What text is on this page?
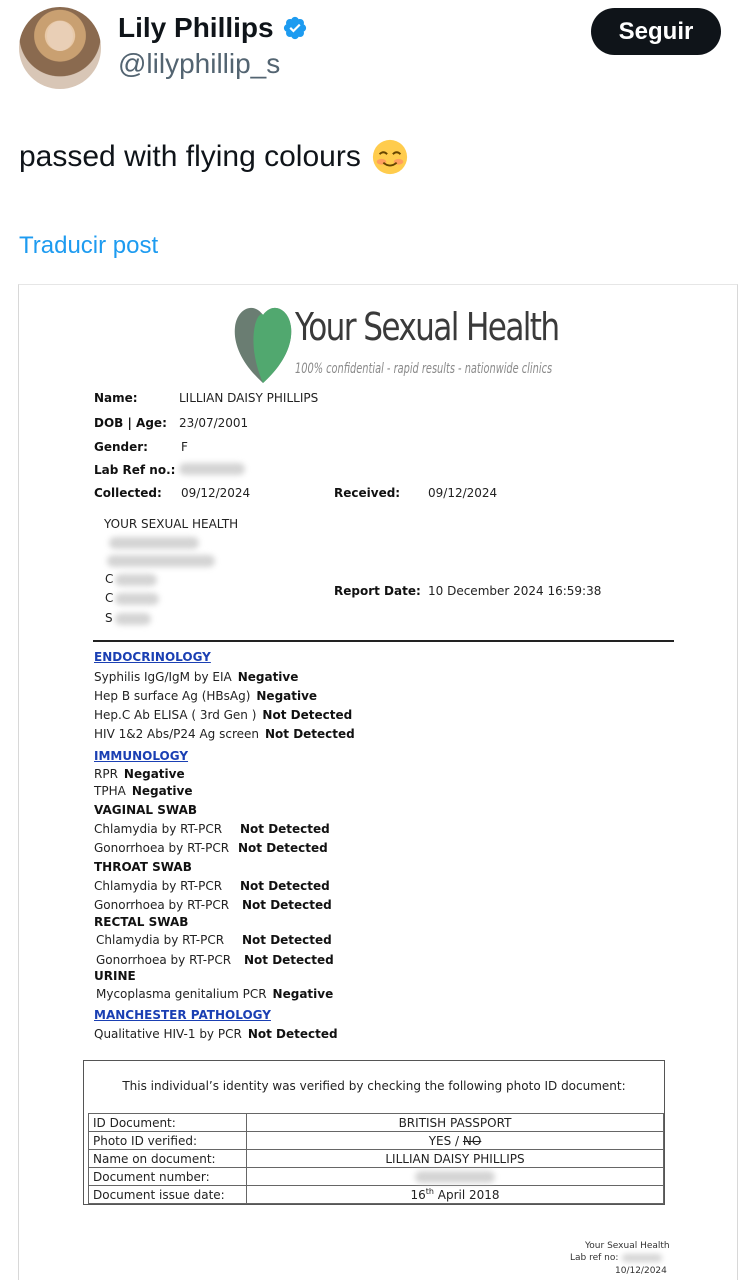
Lily Phillips
@lilyphillip_s
Seguir
passed with flying colours
Traducir post
Your Sexual Health
100% confidential - rapid results - nationwide clinics
Name:	LILLIAN DAISY PHILLIPS
DOB | Age: 23/07/2001
Gender:	F
Lab Ref no.:
Collected: 09/12/2024	Received: 09/12/2024
YOUR SEXUAL HEALTH
C
C
S
Report Date: 10 December 2024 16:59:38
ENDOCRINOLOGY
Syphilis IgG/IgM by EIA Negative
Hep B surface Ag (HBsAg) Negative
Hep.C Ab ELISA ( 3rd Gen ) Not Detected
HIV 1&2 Abs/P24 Ag screen Not Detected
IMMUNOLOGY
RPR Negative
TPHA Negative
VAGINAL SWAB
Chlamydia by RT-PCR Not Detected
Gonorrhoea by RT-PCR Not Detected
THROAT SWAB
Chlamydia by RT-PCR Not Detected
Gonorrhoea by RT-PCR Not Detected
RECTAL SWAB
Chlamydia by RT-PCR Not Detected
Gonorrhoea by RT-PCR Not Detected
URINE
Mycoplasma genitalium PCR Negative
MANCHESTER PATHOLOGY
Qualitative HIV-1 by PCR Not Detected
This individual’s identity was verified by checking the following photo ID document:
ID Document:	BRITISH PASSPORT
Photo ID verified:	YES / NO
Name on document:	LILLIAN DAISY PHILLIPS
Document number:	
Document issue date:	16th April 2018
Your Sexual Health
Lab ref no:
10/12/2024
